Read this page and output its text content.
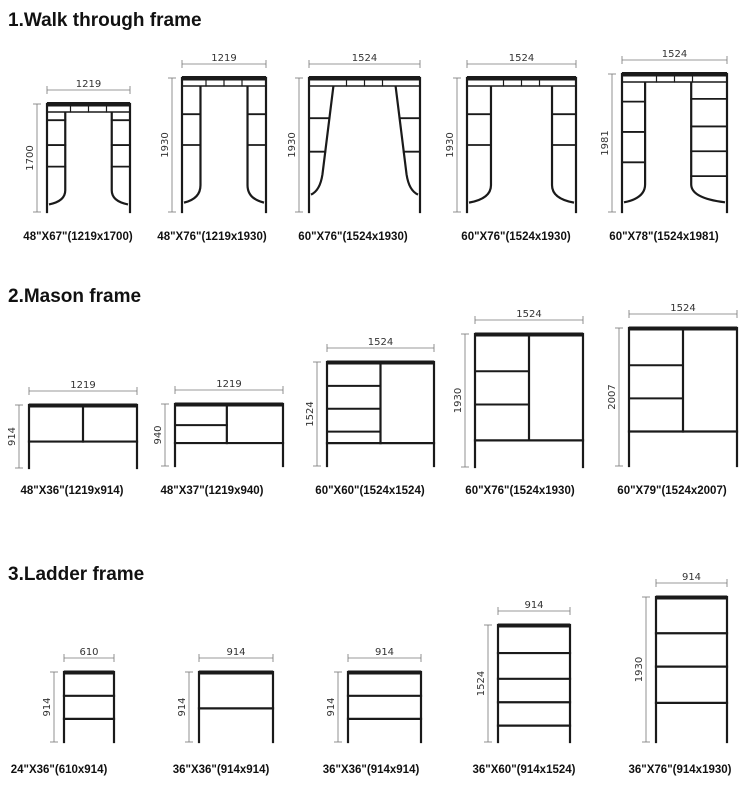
1.Walk through frame
2.Mason frame
3.Ladder frame
48"X67"(1219x1700)	48"X76"(1219x1930)	60"X76"(1524x1930)	60"X76"(1524x1930)	60"X78"(1524x1981)
48"X36"(1219x914)	48"X37"(1219x940)	60"X60"(1524x1524)	60"X76"(1524x1930)	60"X79"(1524x2007)
24"X36"(610x914)	36"X36"(914x914)	36"X36"(914x914)	36"X60"(914x1524)	36"X76"(914x1930)
1219
1700
1219
1930
1524
1930
1524
1930
1524
1981
1219
914
1219
940
1524
1524
1524
1930
1524
2007
610
914
914
914
914
914
914
1524
914
1930
